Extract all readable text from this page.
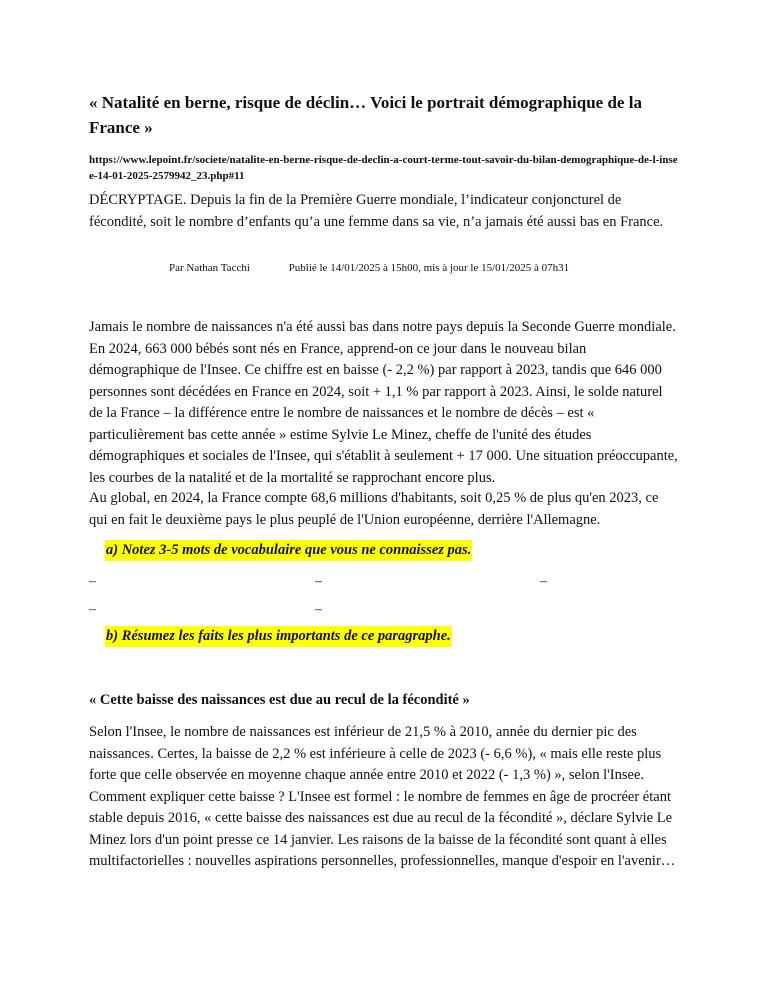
« Natalité en berne, risque de déclin… Voici le portrait démographique de la France »
https://www.lepoint.fr/societe/natalite-en-berne-risque-de-declin-a-court-terme-tout-savoir-du-bilan-demographique-de-l-insee-14-01-2025-2579942_23.php#11

DÉCRYPTAGE. Depuis la fin de la Première Guerre mondiale, l’indicateur conjoncturel de fécondité, soit le nombre d’enfants qu’a une femme dans sa vie, n’a jamais été aussi bas en France.

Par Nathan Tacchi	Publié le 14/01/2025 à 15h00, mis à jour le 15/01/2025 à 07h31

Jamais le nombre de naissances n'a été aussi bas dans notre pays depuis la Seconde Guerre mondiale. En 2024, 663 000 bébés sont nés en France, apprend-on ce jour dans le nouveau bilan démographique de l'Insee. Ce chiffre est en baisse (- 2,2 %) par rapport à 2023, tandis que 646 000 personnes sont décédées en France en 2024, soit + 1,1 % par rapport à 2023. Ainsi, le solde naturel de la France – la différence entre le nombre de naissances et le nombre de décès – est « particulièrement bas cette année » estime Sylvie Le Minez, cheffe de l'unité des études démographiques et sociales de l'Insee, qui s'établit à seulement + 17 000. Une situation préoccupante, les courbes de la natalité et de la mortalité se rapprochant encore plus.

Au global, en 2024, la France compte 68,6 millions d'habitants, soit 0,25 % de plus qu'en 2023, ce qui en fait le deuxième pays le plus peuplé de l'Union européenne, derrière l'Allemagne.

a) Notez 3-5 mots de vocabulaire que vous ne connaissez pas.
–	–	–
–	–
b) Résumez les faits les plus importants de ce paragraphe.
« Cette baisse des naissances est due au recul de la fécondité »

Selon l'Insee, le nombre de naissances est inférieur de 21,5 % à 2010, année du dernier pic des naissances. Certes, la baisse de 2,2 % est inférieure à celle de 2023 (- 6,6 %), « mais elle reste plus forte que celle observée en moyenne chaque année entre 2010 et 2022 (- 1,3 %) », selon l'Insee. Comment expliquer cette baisse ? L'Insee est formel : le nombre de femmes en âge de procréer étant stable depuis 2016, « cette baisse des naissances est due au recul de la fécondité », déclare Sylvie Le Minez lors d'un point presse ce 14 janvier. Les raisons de la baisse de la fécondité sont quant à elles multifactorielles : nouvelles aspirations personnelles, professionnelles, manque d'espoir en l'avenir…
